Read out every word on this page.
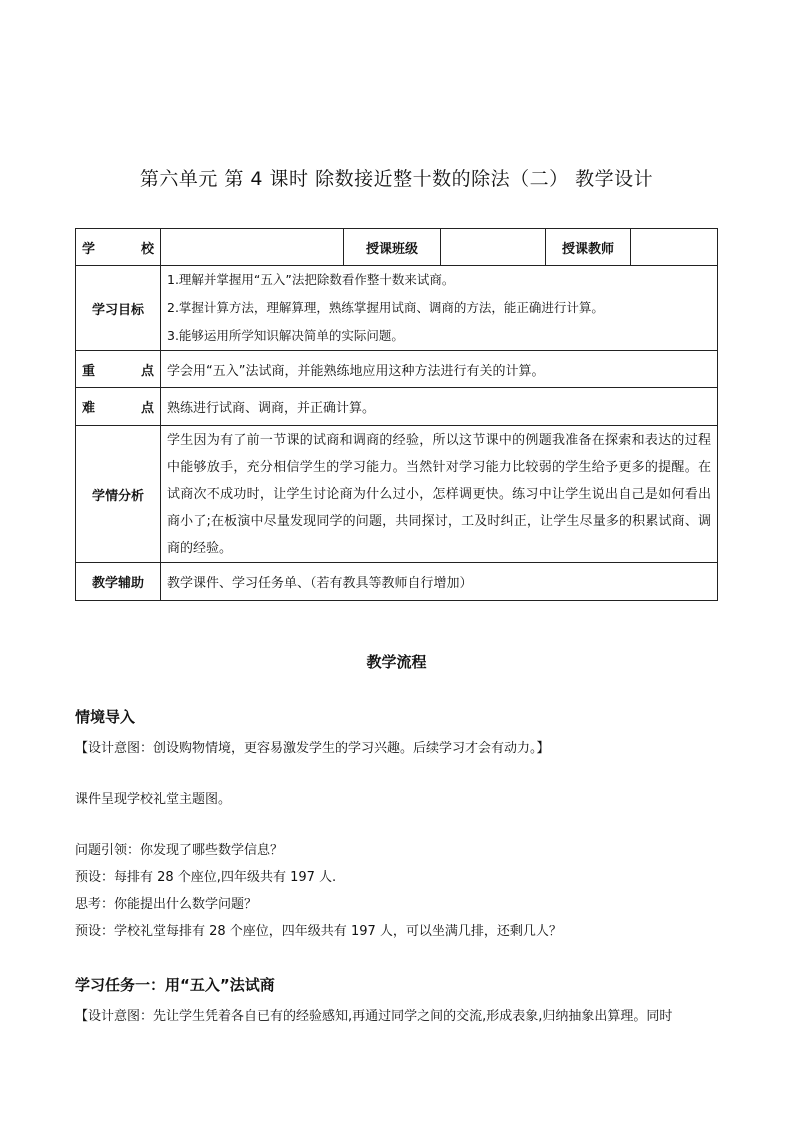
第六单元 第 4 课时 除数接近整十数的除法（二） 教学设计
学 校		授课班级		授课教师	
学习目标	1.理解并掌握用“五入”法把除数看作整十数来试商。
2.掌握计算方法，理解算理，熟练掌握用试商、调商的方法，能正确进行计算。
3.能够运用所学知识解决简单的实际问题。				

重 点	学会用“五入”法试商，并能熟练地应用这种方法进行有关的计算。				
难 点	熟练进行试商、调商，并正确计算。				
学情分析	学生因为有了前一节课的试商和调商的经验，所以这节课中的例题我准备在探索和表达的过程中能够放手，充分相信学生的学习能力。当然针对学习能力比较弱的学生给予更多的提醒。在试商次不成功时，让学生讨论商为什么过小，怎样调更快。练习中让学生说出自己是如何看出商小了;在板演中尽量发现同学的问题，共同探讨，工及时纠正，让学生尽量多的积累试商、调商的经验。				
教学辅助	教学课件、学习任务单、（若有教具等教师自行增加）				
教学流程
情境导入
【设计意图：创设购物情境，更容易激发学生的学习兴趣。后续学习才会有动力。】
课件呈现学校礼堂主题图。
问题引领：你发现了哪些数学信息？
预设：每排有 28 个座位,四年级共有 197 人.
思考：你能提出什么数学问题？
预设：学校礼堂每排有 28 个座位，四年级共有 197 人，可以坐满几排，还剩几人？
学习任务一：用“五入”法试商
【设计意图：先让学生凭着各自已有的经验感知,再通过同学之间的交流,形成表象,归纳抽象出算理。同时
